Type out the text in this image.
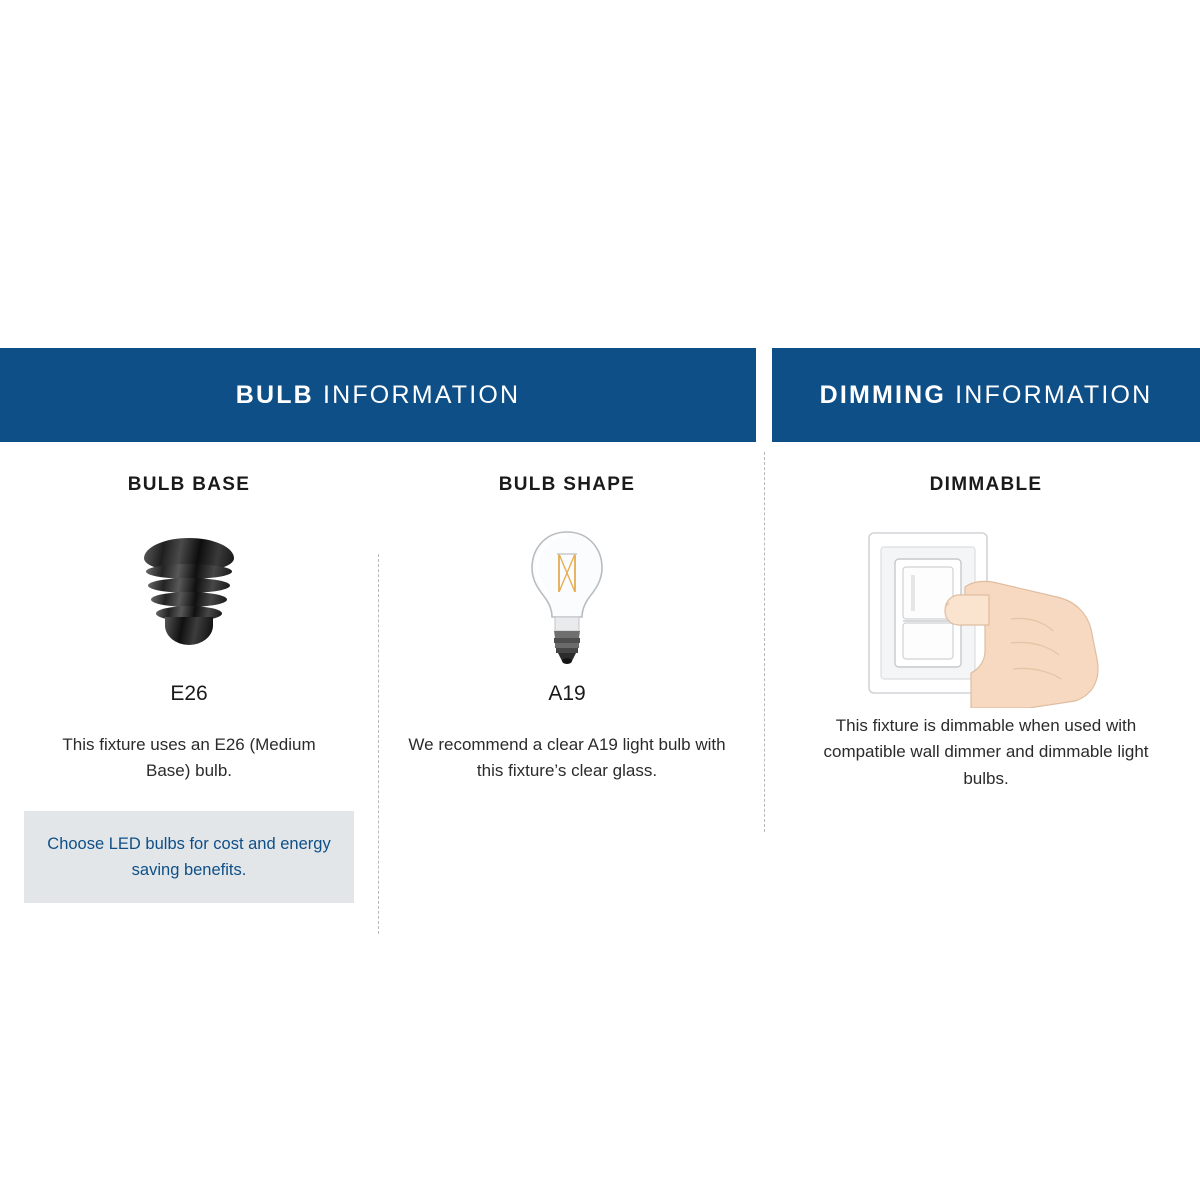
BULB INFORMATION
BULB BASE
E26

This fixture uses an E26 (Medium Base) bulb.

Choose LED bulbs for cost and energy saving benefits.
BULB SHAPE
A19

We recommend a clear A19 light bulb with this fixture’s clear glass.

DIMMING INFORMATION
DIMMABLE

This fixture is dimmable when used with compatible wall dimmer and dimmable light bulbs.
